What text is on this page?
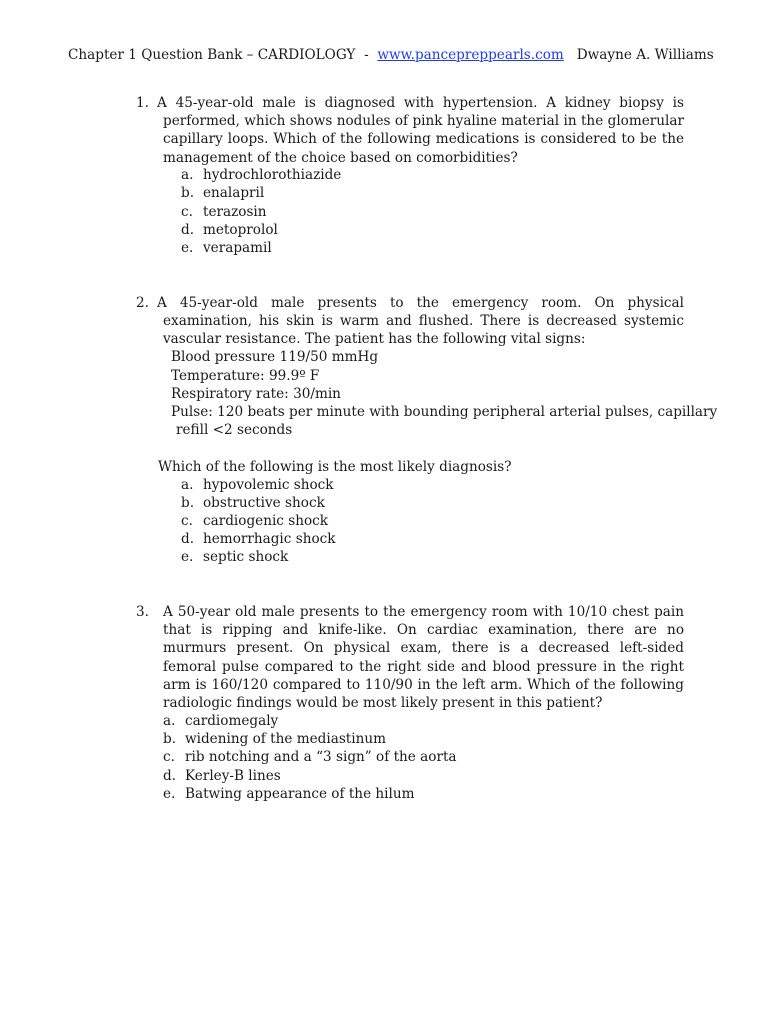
Chapter 1 Question Bank – CARDIOLOGY - www.pancepreppearls.com Dwayne A. Williams
1. A 45-year-old male is diagnosed with hypertension. A kidney biopsy is performed, which shows nodules of pink hyaline material in the glomerular capillary loops. Which of the following medications is considered to be the management of the choice based on comorbidities?
a. hydrochlorothiazide
b. enalapril
c. terazosin
d. metoprolol
e. verapamil
2. A 45-year-old male presents to the emergency room. On physical examination, his skin is warm and flushed. There is decreased systemic vascular resistance. The patient has the following vital signs:
Blood pressure 119/50 mmHg
Temperature: 99.9º F
Respiratory rate: 30/min
Pulse: 120 beats per minute with bounding peripheral arterial pulses, capillary
refill <2 seconds
Which of the following is the most likely diagnosis?
a. hypovolemic shock
b. obstructive shock
c. cardiogenic shock
d. hemorrhagic shock
e. septic shock
3. A 50-year old male presents to the emergency room with 10/10 chest pain that is ripping and knife-like. On cardiac examination, there are no murmurs present. On physical exam, there is a decreased left-sided femoral pulse compared to the right side and blood pressure in the right arm is 160/120 compared to 110/90 in the left arm. Which of the following radiologic findings would be most likely present in this patient?
a. cardiomegaly
b. widening of the mediastinum
c. rib notching and a “3 sign” of the aorta
d. Kerley-B lines
e. Batwing appearance of the hilum
